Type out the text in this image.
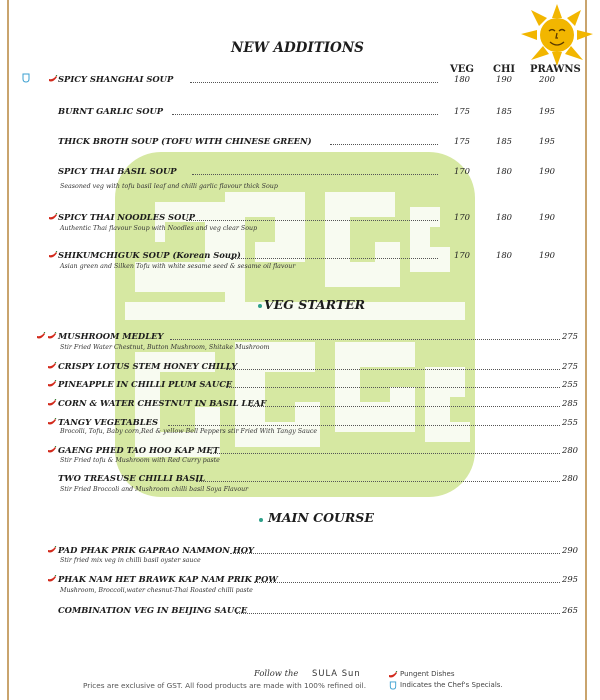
NEW ADDITIONS
VEG CHI PRAWNS
SPICY SHANGHAI SOUP	180	190	200
BURNT GARLIC SOUP	175	185	195
THICK BROTH SOUP (TOFU WITH CHINESE GREEN)	175	185	195
SPICY THAI BASIL SOUP	170	180	190
Seasoned veg with tofu basil leaf and chilli garlic flavour thick Soup
SPICY THAI NOODLES SOUP	170	180	190
Authentic Thai flavour Soup with Noodles and veg clear Soup
SHIKUMCHIGUK SOUP (Korean Soup)	170	180	190
Asian green and Silken Tofu with white sesame seed & sesame oil flavour
VEG STARTER
MUSHROOM MEDLEY	275
Stir Fried Water Chestnut, Button Mushroom, Shitake Mushroom
CRISPY LOTUS STEM HONEY CHILLY	275
PINEAPPLE IN CHILLI PLUM SAUCE	255
CORN & WATER CHESTNUT IN BASIL LEAF	285
TANGY VEGETABLES	255
Brocolli, Tofu, Baby corn,Red & yellow Bell Peppers stir Fried With Tangy Sauce
GAENG PHED TAO HOO KAP MET	280
Stir Fried tofu & Mushroom with Red Curry paste
TWO TREASUSE CHILLI BASIL	280
Stir Fried Broccoli and Mushroom chilli basil Soya Flavour
MAIN COURSE
PAD PHAK PRIK GAPRAO NAMMON HOY	290
Stir fried mix veg in chilli basil oyster sauce
PHAK NAM HET BRAWK KAP NAM PRIK POW	295
Mushroom, Broccoli,water chesnut-Thai Roasted chilli paste
COMBINATION VEG IN BEIJING SAUCE	265
Follow the SULA Sun
Prices are exclusive of GST. All food products are made with 100% refined oil.
Pungent Dishes
Indicates the Chef's Specials.
